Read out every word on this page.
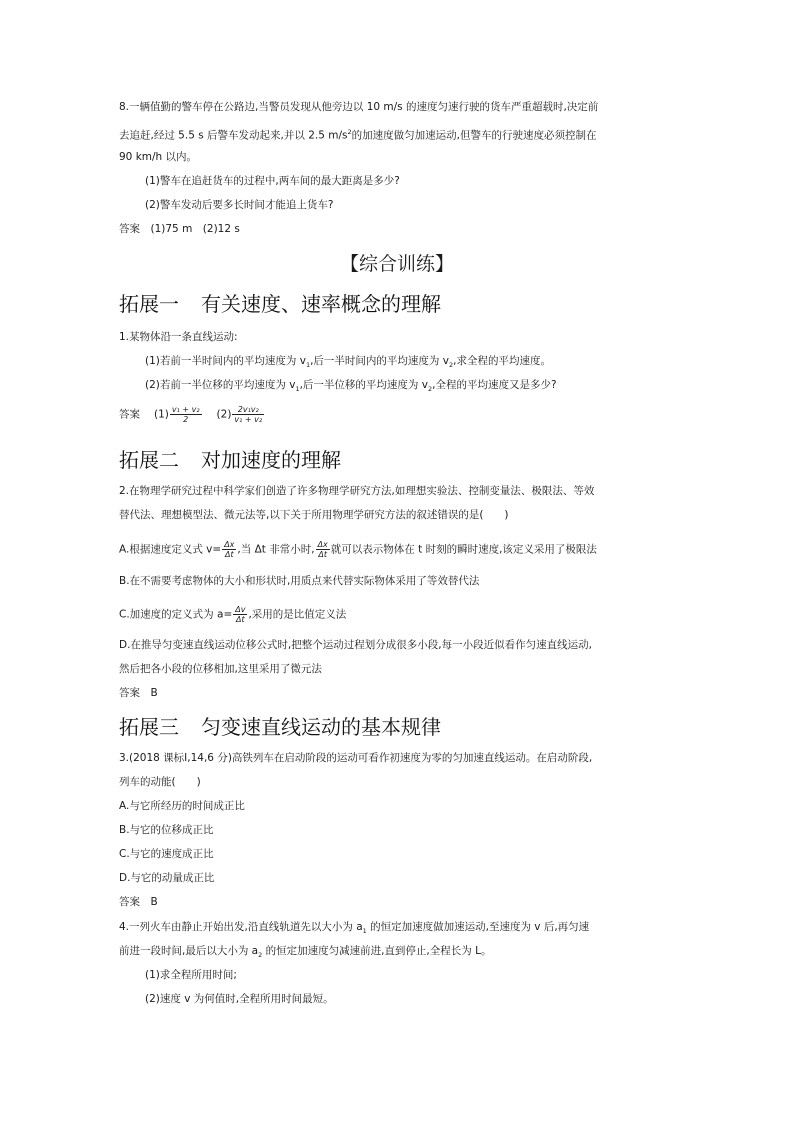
8.一辆值勤的警车停在公路边,当警员发现从他旁边以 10 m/s 的速度匀速行驶的货车严重超载时,决定前
去追赶,经过 5.5 s 后警车发动起来,并以 2.5 $m/s^2$的加速度做匀加速运动,但警车的行驶速度必须控制在
90 km/h 以内。
(1)警车在追赶货车的过程中,两车间的最大距离是多少?
(2)警车发动后要多长时间才能追上货车?
答案　(1)75 m　(2)12 s
【综合训练】
拓展一 有关速度、速率概念的理解
1.某物体沿一条直线运动:
(1)若前一半时间内的平均速度为 $v_1$,后一半时间内的平均速度为 $v_2$,求全程的平均速度。
(2)若前一半位移的平均速度为 $v_1$,后一半位移的平均速度为 $v_2$,全程的平均速度又是多少?
答案 $(1) \frac{\text{v₁ + v₂}}{2} (2) \frac{\text{2v₁v₂}}{\text{v₁ + v₂}}$
拓展二 对加速度的理解
2.在物理学研究过程中科学家们创造了许多物理学研究方法,如理想实验法、控制变量法、极限法、等效
替代法、理想模型法、微元法等,以下关于所用物理学研究方法的叙述错误的是(　　)
A.根据速度定义式 $v= \frac{\Delta x}{\Delta t}$ ,当 Δt 非常小时, $\frac{\Delta x}{\Delta t}$ 就可以表示物体在 t 时刻的瞬时速度,该定义采用了极限法
B.在不需要考虑物体的大小和形状时,用质点来代替实际物体采用了等效替代法
C.加速度的定义式为 $a= \frac{\Delta v}{\Delta t}$ ,采用的是比值定义法
D.在推导匀变速直线运动位移公式时,把整个运动过程划分成很多小段,每一小段近似看作匀速直线运动,
然后把各小段的位移相加,这里采用了微元法
答案　B
拓展三 匀变速直线运动的基本规律
3.(2018 课标Ⅰ,14,6 分)高铁列车在启动阶段的运动可看作初速度为零的匀加速直线运动。在启动阶段,
列车的动能(　　)
A.与它所经历的时间成正比
B.与它的位移成正比
C.与它的速度成正比
D.与它的动量成正比
答案　B
4.一列火车由静止开始出发,沿直线轨道先以大小为 $a_1$ 的恒定加速度做加速运动,至速度为 v 后,再匀速
前进一段时间,最后以大小为 $a_2$ 的恒定加速度匀减速前进,直到停止,全程长为 L。
(1)求全程所用时间;
(2)速度 v 为何值时,全程所用时间最短。
